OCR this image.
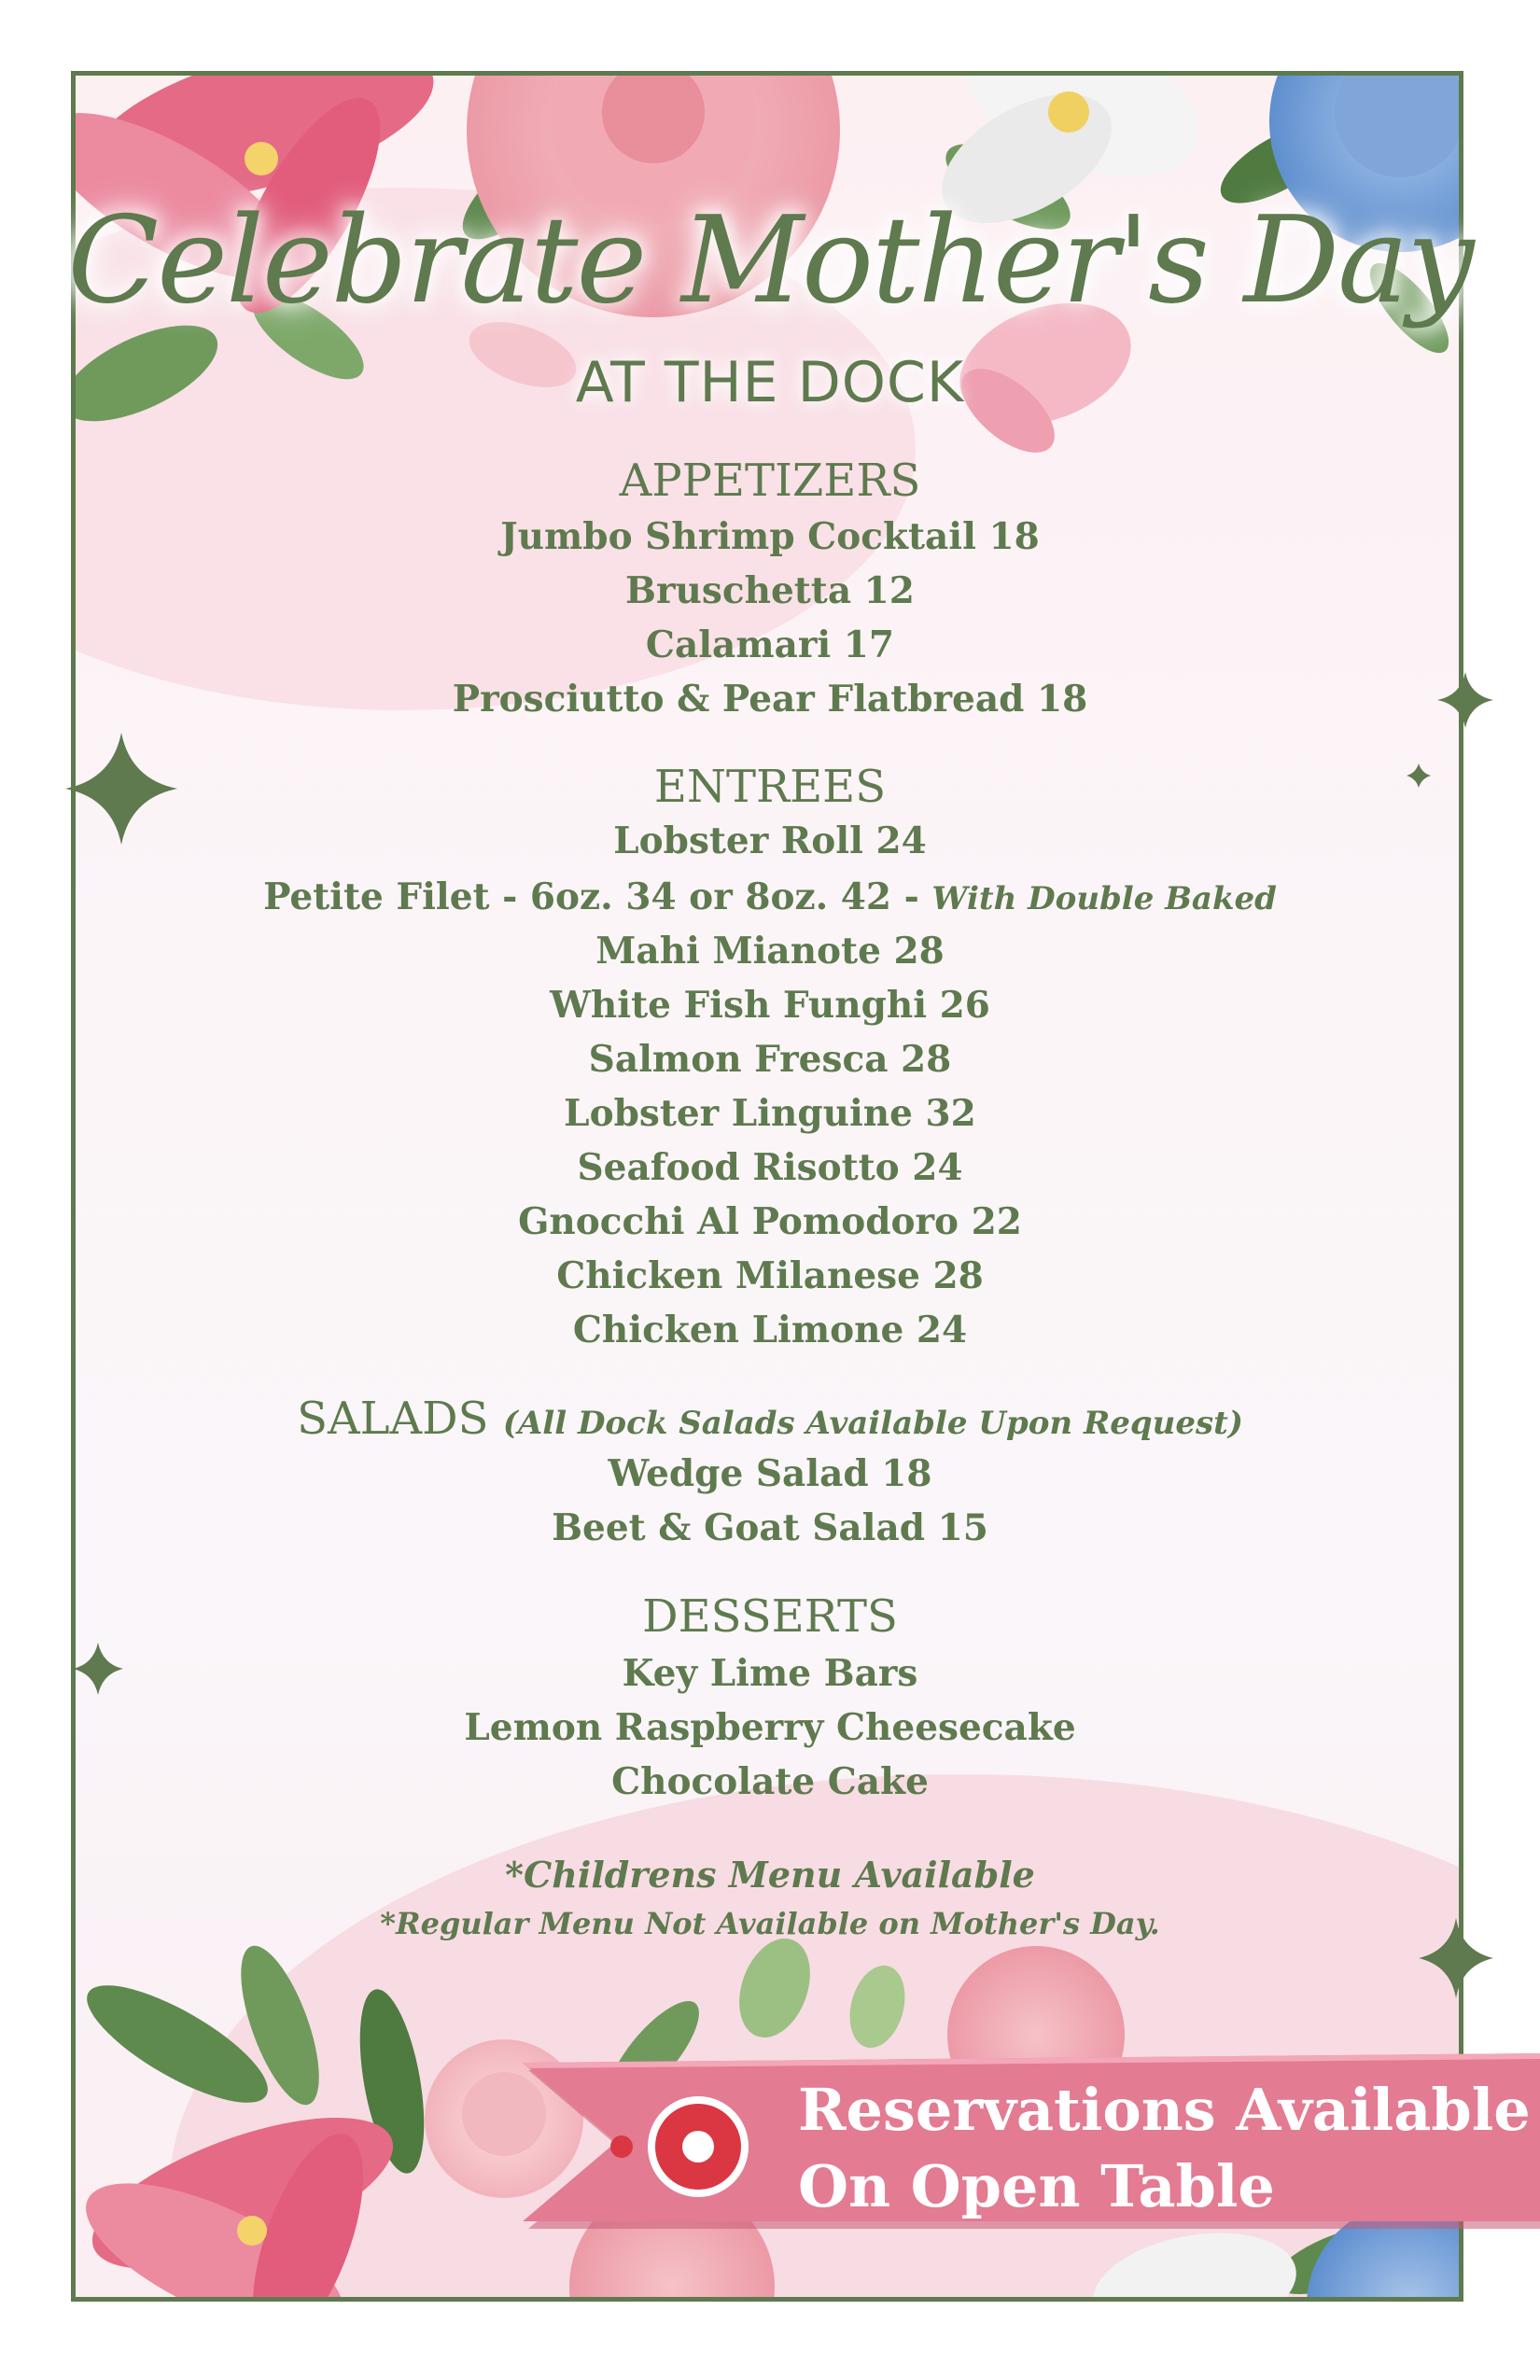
Celebrate Mother's Day
AT THE DOCK
APPETIZERS
Jumbo Shrimp Cocktail 18
Bruschetta 12
Calamari 17
Prosciutto & Pear Flatbread 18
ENTREES
Lobster Roll 24
Petite Filet - 6oz. 34 or 8oz. 42 - With Double Baked
Mahi Mianote 28
White Fish Funghi 26
Salmon Fresca 28
Lobster Linguine 32
Seafood Risotto 24
Gnocchi Al Pomodoro 22
Chicken Milanese 28
Chicken Limone 24
SALADS (All Dock Salads Available Upon Request)
Wedge Salad 18
Beet & Goat Salad 15
DESSERTS
Key Lime Bars
Lemon Raspberry Cheesecake
Chocolate Cake
*Childrens Menu Available
*Regular Menu Not Available on Mother's Day.
Reservations Available
On Open Table
